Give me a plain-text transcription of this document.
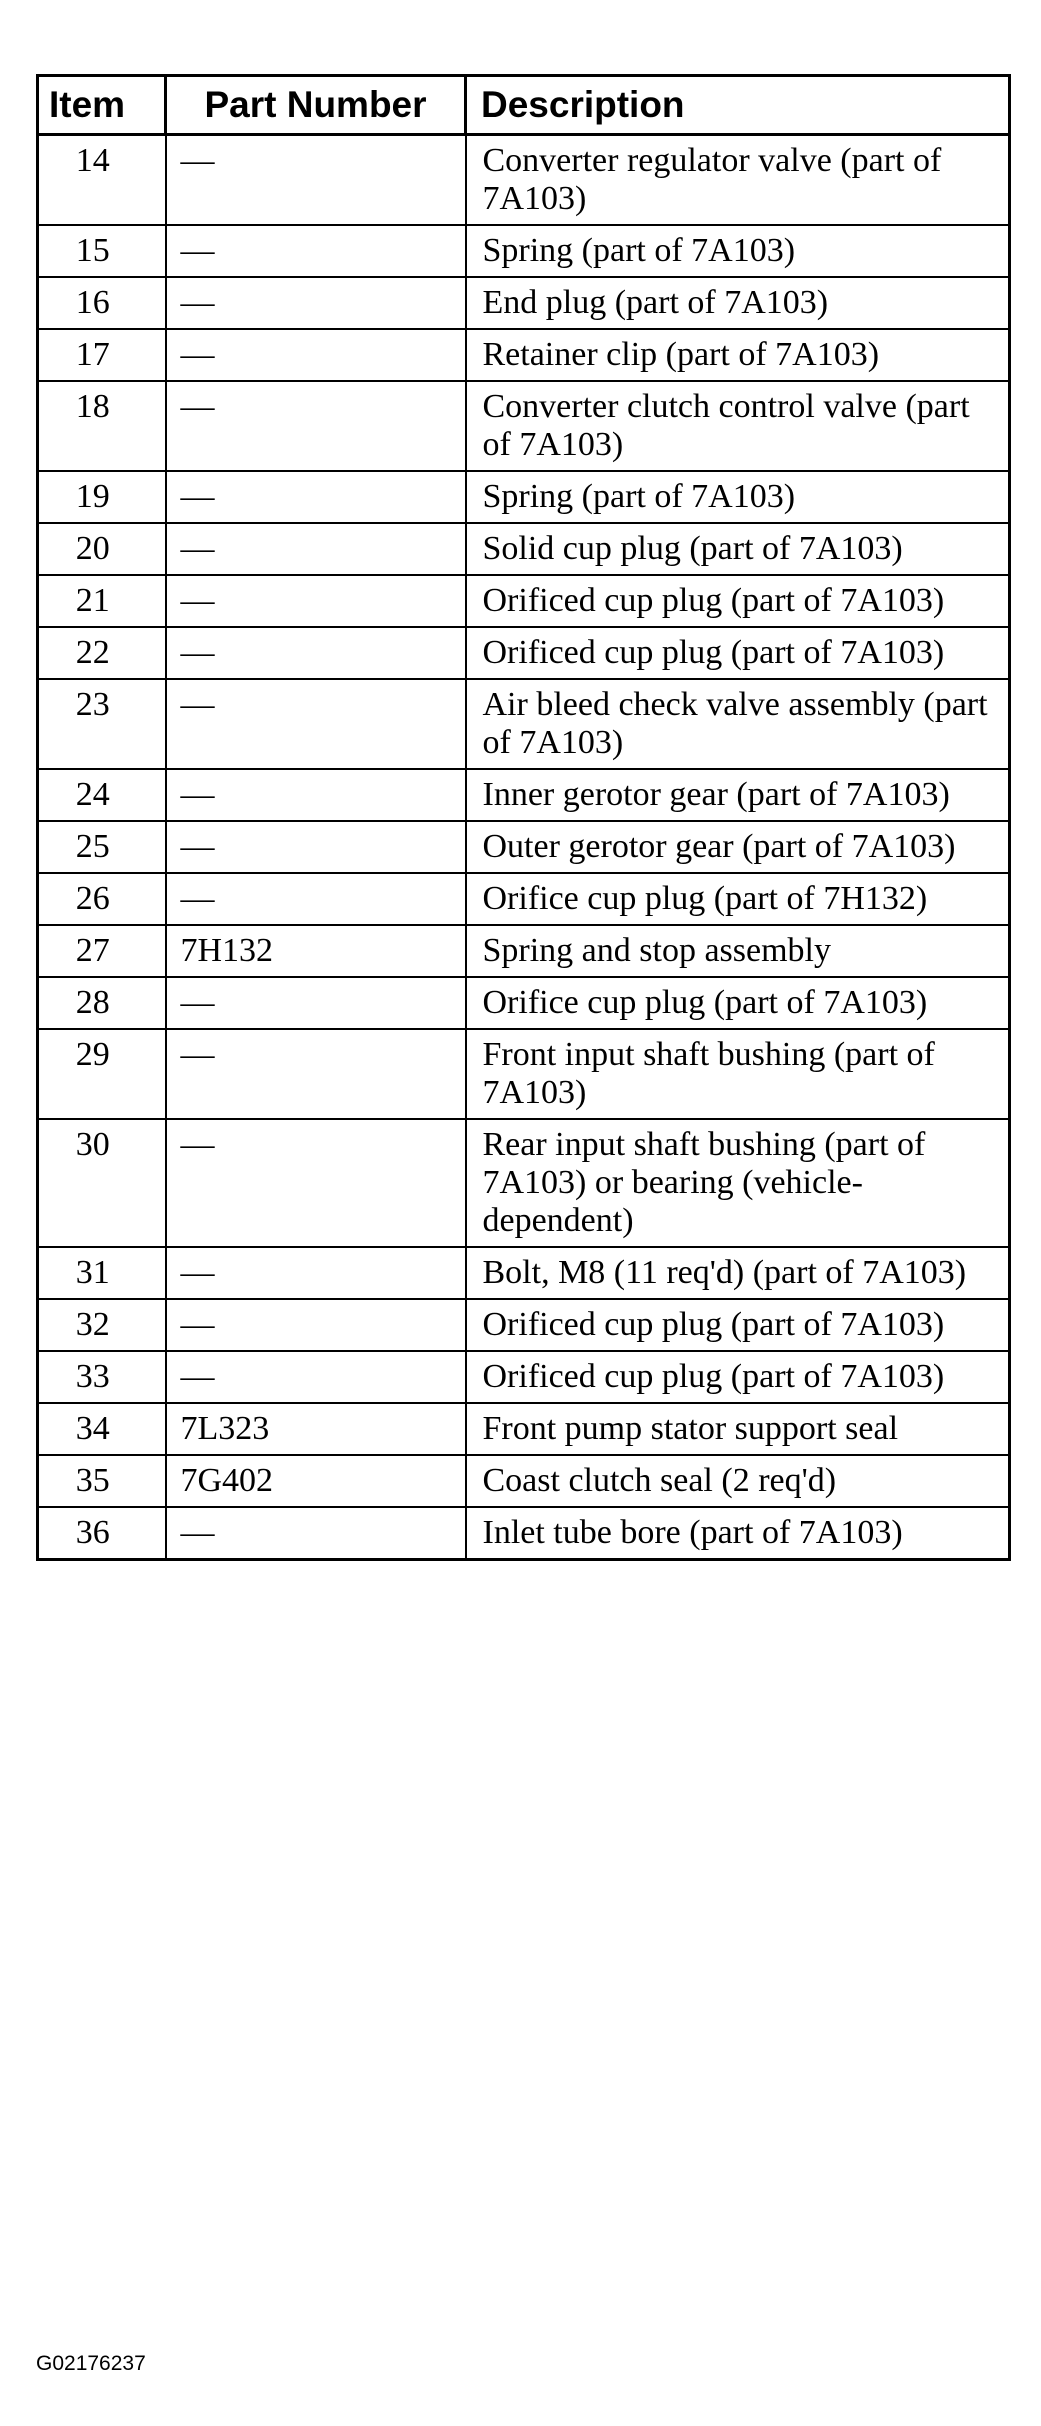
Item	Part Number	Description
14	—	Converter regulator valve (part of 7A103)
15	—	Spring (part of 7A103)
16	—	End plug (part of 7A103)
17	—	Retainer clip (part of 7A103)
18	—	Converter clutch control valve (part of 7A103)
19	—	Spring (part of 7A103)
20	—	Solid cup plug (part of 7A103)
21	—	Orificed cup plug (part of 7A103)
22	—	Orificed cup plug (part of 7A103)
23	—	Air bleed check valve assembly (part of 7A103)
24	—	Inner gerotor gear (part of 7A103)
25	—	Outer gerotor gear (part of 7A103)
26	—	Orifice cup plug (part of 7H132)
27	7H132	Spring and stop assembly
28	—	Orifice cup plug (part of 7A103)
29	—	Front input shaft bushing (part of 7A103)
30	—	Rear input shaft bushing (part of 7A103) or bearing (vehicle-dependent)
31	—	Bolt, M8 (11 req'd) (part of 7A103)
32	—	Orificed cup plug (part of 7A103)
33	—	Orificed cup plug (part of 7A103)
34	7L323	Front pump stator support seal
35	7G402	Coast clutch seal (2 req'd)
36	—	Inlet tube bore (part of 7A103)
G02176237
